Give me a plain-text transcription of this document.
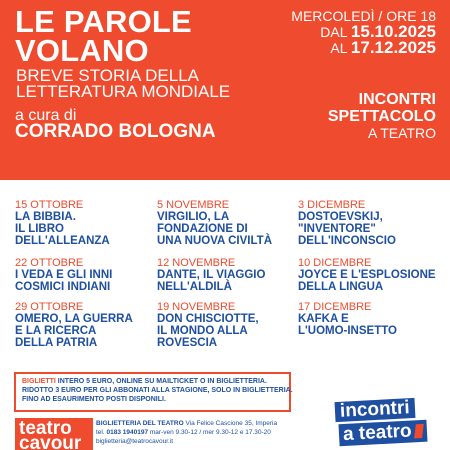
LE PAROLE
VOLANO
BREVE STORIA DELLA
LETTERATURA MONDIALE
a cura di
CORRADO BOLOGNA
MERCOLEDÌ / ORE 18
DAL 15.10.2025
AL 17.12.2025
INCONTRI
SPETTACOLO
A TEATRO
15 OTTOBRE
LA BIBBIA.
IL LIBRO
DELL'ALLEANZA
5 NOVEMBRE
VIRGILIO, LA
FONDAZIONE DI
UNA NUOVA CIVILTÀ
3 DICEMBRE
DOSTOEVSKIJ,
"INVENTORE"
DELL'INCONSCIO
22 OTTOBRE
I VEDA E GLI INNI
COSMICI INDIANI
12 NOVEMBRE
DANTE, IL VIAGGIO
NELL'ALDILÀ
10 DICEMBRE
JOYCE E L'ESPLOSIONE
DELLA LINGUA
29 OTTOBRE
OMERO, LA GUERRA
E LA RICERCA
DELLA PATRIA
19 NOVEMBRE
DON CHISCIOTTE,
IL MONDO ALLA
ROVESCIA
17 DICEMBRE
KAFKA E
L'UOMO-INSETTO
BIGLIETTI INTERO 5 EURO, ONLINE SU MAILTICKET O IN BIGLIETTERIA.
RIDOTTO 3 EURO PER GLI ABBONATI ALLA STAGIONE, SOLO IN BIGLIETTERIA.
FINO AD ESAURIMENTO POSTI DISPONILI.
teatro
cavour
BIGLIETTERIA DEL TEATRO Via Felice Cascione 35, Imperia
tel. 0183 1940197 mar-ven 9.30-12 / mer 9.30-12 e 17.30-20
biglietteria@teatrocavour.it
incontri
a teatro
